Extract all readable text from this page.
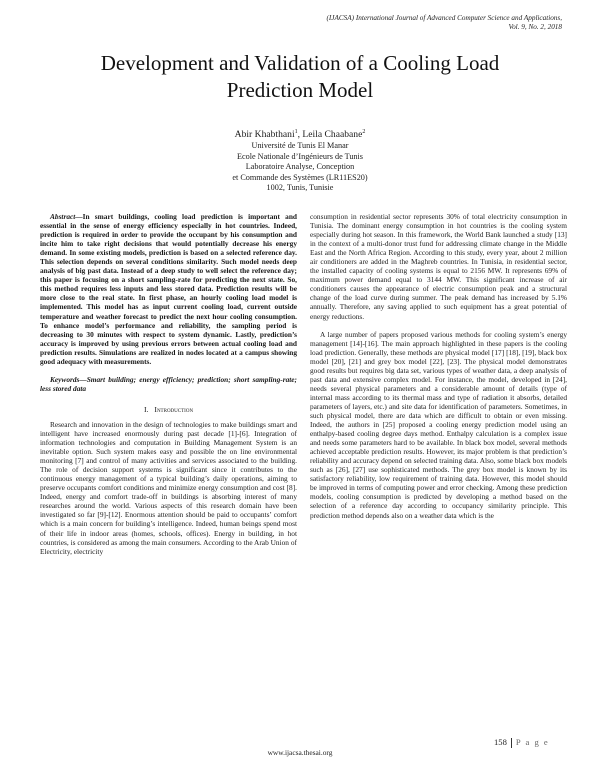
(IJACSA) International Journal of Advanced Computer Science and Applications,
Vol. 9, No. 2, 2018
Development and Validation of a Cooling Load
Prediction Model
Abir Khabthani$^1$, Leila Chaabane$^2$
Université de Tunis El Manar
Ecole Nationale d’Ingénieurs de Tunis
Laboratoire Analyse, Conception
et Commande des Systèmes (LR11ES20)
1002, Tunis, Tunisie

Abstract—In smart buildings, cooling load prediction is important and essential in the sense of energy efficiency especially in hot countries. Indeed, prediction is required in order to provide the occupant by his consumption and incite him to take right decisions that would potentially decrease his energy demand. In some existing models, prediction is based on a selected reference day. This selection depends on several conditions similarity. Such model needs deep analysis of big past data. Instead of a deep study to well select the reference day; this paper is focusing on a short sampling-rate for predicting the next state. So, this method requires less inputs and less stored data. Prediction results will be more close to the real state. In first phase, an hourly cooling load model is implemented. This model has as input current cooling load, current outside temperature and weather forecast to predict the next hour cooling consumption. To enhance model’s performance and reliability, the sampling period is decreasing to 30 minutes with respect to system dynamic. Lastly, prediction’s accuracy is improved by using previous errors between actual cooling load and prediction results. Simulations are realized in nodes located at a campus showing good adequacy with measurements.

Keywords—Smart building; energy efficiency; prediction; short sampling-rate; less stored data

I. Introduction

Research and innovation in the design of technologies to make buildings smart and intelligent have increased enormously during past decade [1]-[6]. Integration of information technologies and computation in Building Management System is an inevitable option. Such system makes easy and possible the on line environmental monitoring [7] and control of many activities and services associated to the building. The role of decision support systems is significant since it contributes to the continuous energy management of a typical building’s daily operations, aiming to preserve occupants comfort conditions and minimize energy consumption and cost [8]. Indeed, energy and comfort trade-off in buildings is absorbing interest of many researches around the world. Various aspects of this research domain have been investigated so far [9]-[12]. Enormous attention should be paid to occupants’ comfort which is a main concern for building’s intelligence. Indeed, human beings spend most of their life in indoor areas (homes, schools, offices). Energy in building, in hot countries, is considered as among the main consumers. According to the Arab Union of Electricity, electricity

consumption in residential sector represents 30% of total electricity consumption in Tunisia. The dominant energy consumption in hot countries is the cooling system especially during hot season. In this framework, the World Bank launched a study [13] in the context of a multi-donor trust fund for addressing climate change in the Middle East and the North Africa Region. According to this study, every year, about 2 million air conditioners are added in the Maghreb countries. In Tunisia, in residential sector, the installed capacity of cooling systems is equal to 2156 MW. It represents 69% of maximum power demand equal to 3144 MW. This significant increase of air conditioners causes the appearance of electric consumption peak and a structural change of the load curve during summer. The peak demand has increased by 5.1% annually. Therefore, any saving applied to such equipment has a great potential of energy reductions.

A large number of papers proposed various methods for cooling system’s energy management [14]-[16]. The main approach highlighted in these papers is the cooling load prediction. Generally, these methods are physical model [17] [18], [19], black box model [20], [21] and grey box model [22], [23]. The physical model demonstrates good results but requires big data set, various types of weather data, a deep analysis of past data and extensive complex model. For instance, the model, developed in [24], needs several physical parameters and a considerable amount of details (type of internal mass according to its thermal mass and type of radiation it absorbs, detailed parameters of layers, etc.) and site data for identification of parameters. Sometimes, in such physical model, there are data which are difficult to obtain or even missing. Indeed, the authors in [25] proposed a cooling energy prediction model using an enthalpy-based cooling degree days method. Enthalpy calculation is a complex issue and needs some parameters hard to be available. In black box model, several methods achieved acceptable prediction results. However, its major problem is that prediction’s reliability and accuracy depend on selected training data. Also, some black box models such as [26], [27] use sophisticated methods. The grey box model is known by its satisfactory reliability, low requirement of training data. However, this model should be improved in terms of computing power and error checking. Among these prediction models, cooling consumption is predicted by developing a method based on the selection of a reference day according to occupancy similarity principle. This prediction method depends also on a weather data which is the

158 P a g e
www.ijacsa.thesai.org
